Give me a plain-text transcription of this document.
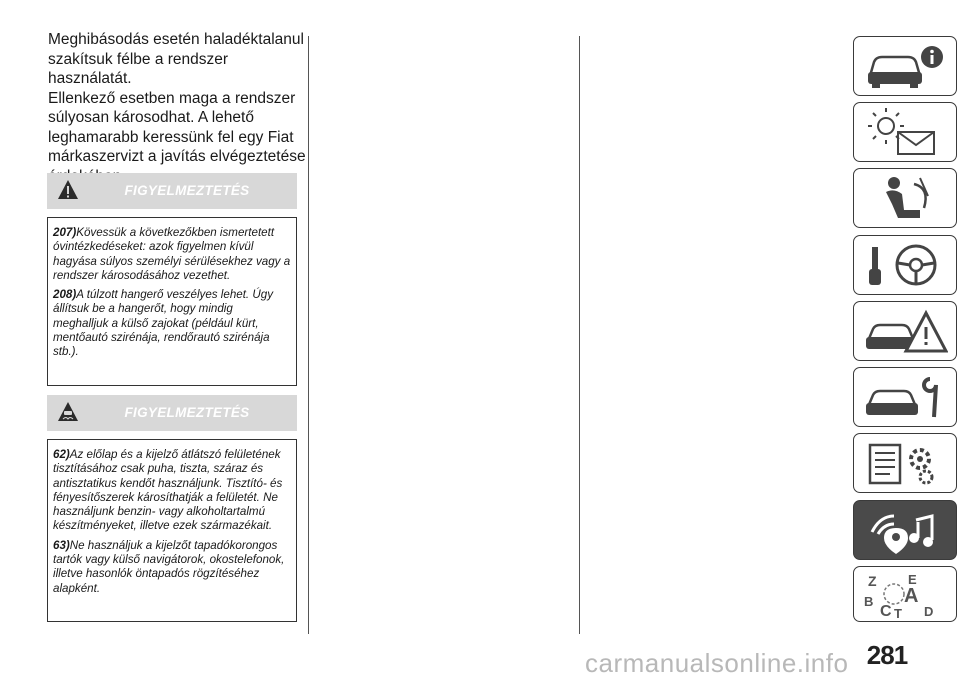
Meghibásodás esetén haladéktalanul
szakítsuk félbe a rendszer használatát.
Ellenkező esetben maga a rendszer
súlyosan károsodhat. A lehető
leghamarabb keressünk fel egy Fiat
márkaszervizt a javítás elvégeztetése

FIGYELMEZTETÉS

207)Kövessük a következőkben ismertetett óvintézkedéseket: azok figyelmen kívül hagyása súlyos személyi sérülésekhez vagy a rendszer károsodásához vezethet.

208)A túlzott hangerő veszélyes lehet. Úgy állítsuk be a hangerőt, hogy mindig meghalljuk a külső zajokat (például kürt, mentőautó szirénája, rendőrautó szirénája stb.).

FIGYELMEZTETÉS

62)Az előlap és a kijelző átlátszó felületének tisztításához csak puha, tiszta, száraz és antisztatikus kendőt használjunk. Tisztító- és fényesítőszerek károsíthatják a felületét. Ne használjunk benzin- vagy alkoholtartalmú készítményeket, illetve ezek származékait.

63)Ne használjuk a kijelzőt tapadókorongos tartók vagy külső navigátorok, okostelefonok, illetve hasonlók öntapadós rögzítéséhez alapként.	Z E
A
B
C D
T
carmanualsonline.info 281
